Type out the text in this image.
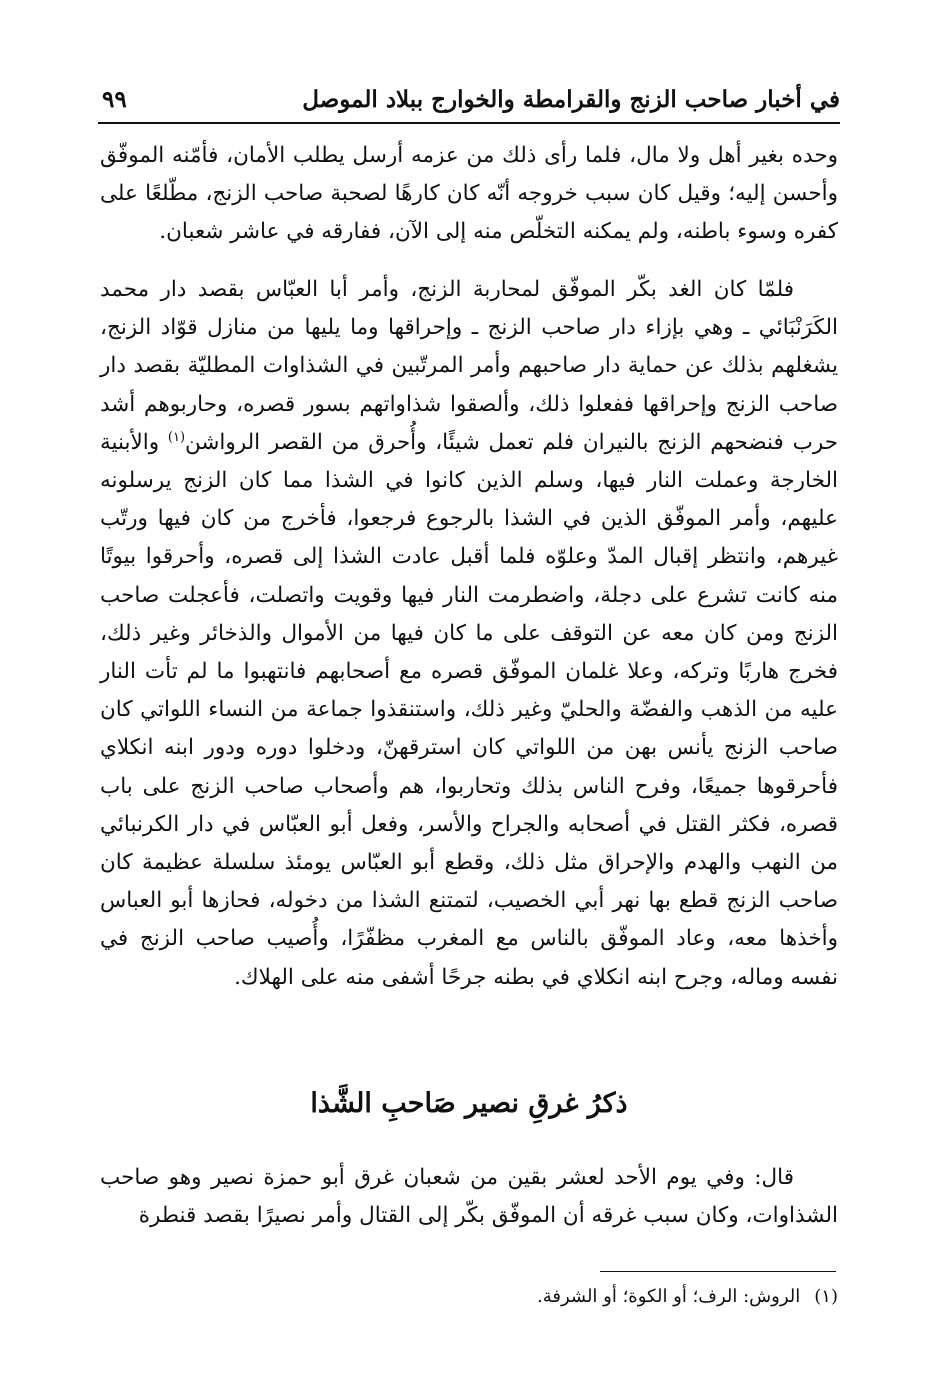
في أخبار صاحب الزنج والقرامطة والخوارج ببلاد الموصل
٩٩

وحده بغير أهل ولا مال، فلما رأى ذلك من عزمه أرسل يطلب الأمان، فأمّنه الموفّق وأحسن إليه؛ وقيل كان سبب خروجه أنّه كان كارهًا لصحبة صاحب الزنج، مطّلعًا على كفره وسوء باطنه، ولم يمكنه التخلّص منه إلى الآن، ففارقه في عاشر شعبان.

فلمّا كان الغد بكّر الموفّق لمحاربة الزنج، وأمر أبا العبّاس بقصد دار محمد الكَرَنْبَائي ـ وهي بإزاء دار صاحب الزنج ـ وإحراقها وما يليها من منازل قوّاد الزنج، يشغلهم بذلك عن حماية دار صاحبهم وأمر المرتّبين في الشذاوات المطليّة بقصد دار صاحب الزنج وإحراقها ففعلوا ذلك، وألصقوا شذاواتهم بسور قصره، وحاربوهم أشد حرب فنضحهم الزنج بالنيران فلم تعمل شيئًا، وأُحرق من القصر الرواشن$^{(١)}$ والأبنية الخارجة وعملت النار فيها، وسلم الذين كانوا في الشذا مما كان الزنج يرسلونه عليهم، وأمر الموفّق الذين في الشذا بالرجوع فرجعوا، فأخرج من كان فيها ورتّب غيرهم، وانتظر إقبال المدّ وعلوّه فلما أقبل عادت الشذا إلى قصره، وأحرقوا بيوتًا منه كانت تشرع على دجلة، واضطرمت النار فيها وقويت واتصلت، فأعجلت صاحب الزنج ومن كان معه عن التوقف على ما كان فيها من الأموال والذخائر وغير ذلك، فخرج هاربًا وتركه، وعلا غلمان الموفّق قصره مع أصحابهم فانتهبوا ما لم تأت النار عليه من الذهب والفضّة والحليّ وغير ذلك، واستنقذوا جماعة من النساء اللواتي كان صاحب الزنج يأنس بهن من اللواتي كان استرقهنّ، ودخلوا دوره ودور ابنه انكلاي فأحرقوها جميعًا، وفرح الناس بذلك وتحاربوا، هم وأصحاب صاحب الزنج على باب قصره، فكثر القتل في أصحابه والجراح والأسر، وفعل أبو العبّاس في دار الكرنبائي من النهب والهدم والإحراق مثل ذلك، وقطع أبو العبّاس يومئذ سلسلة عظيمة كان صاحب الزنج قطع بها نهر أبي الخصيب، لتمتنع الشذا من دخوله، فحازها أبو العباس وأخذها معه، وعاد الموفّق بالناس مع المغرب مظفّرًا، وأُصيب صاحب الزنج في نفسه وماله، وجرح ابنه انكلاي في بطنه جرحًا أشفى منه على الهلاك.

ذكرُ غرقِ نصير صَاحبِ الشَّذا

قال: وفي يوم الأحد لعشر بقين من شعبان غرق أبو حمزة نصير وهو صاحب الشذاوات، وكان سبب غرقه أن الموفّق بكّر إلى القتال وأمر نصيرًا بقصد قنطرة

(١)الروش: الرف؛ أو الكوة؛ أو الشرفة.
